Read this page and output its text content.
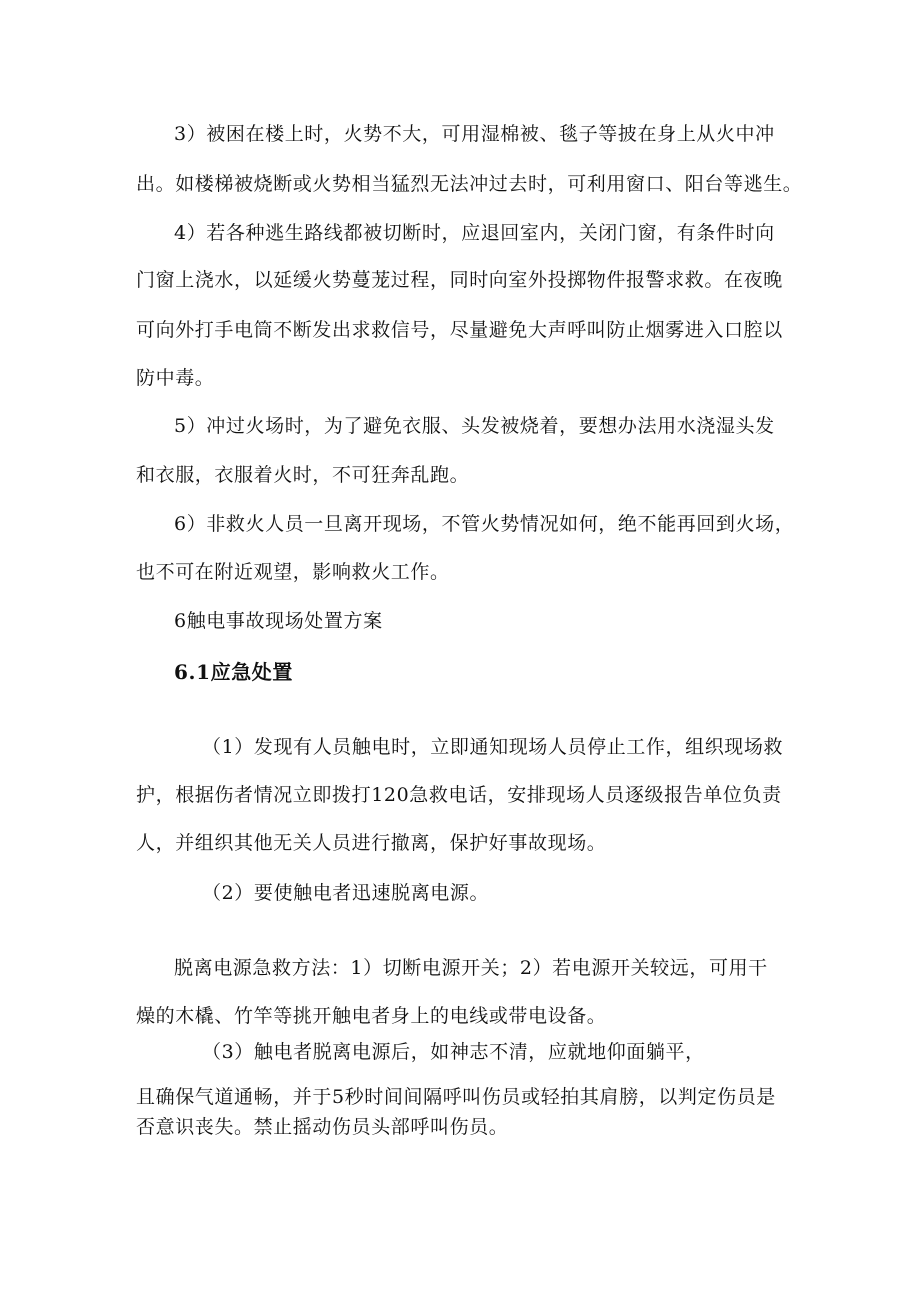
3）被困在楼上时，火势不大，可用湿棉被、毯子等披在身上从火中冲
出。如楼梯被烧断或火势相当猛烈无法冲过去时，可利用窗口、阳台等逃生。
4）若各种逃生路线都被切断时，应退回室内，关闭门窗，有条件时向
门窗上浇水，以延缓火势蔓茏过程，同时向室外投掷物件报警求救。在夜晚
可向外打手电筒不断发出求救信号，尽量避免大声呼叫防止烟雾进入口腔以
防中毒。
5）冲过火场时，为了避免衣服、头发被烧着，要想办法用水浇湿头发
和衣服，衣服着火时，不可狂奔乱跑。
6）非救火人员一旦离开现场，不管火势情况如何，绝不能再回到火场，
也不可在附近观望，影响救火工作。
6触电事故现场处置方案
6.1应急处置
（1）发现有人员触电时，立即通知现场人员停止工作，组织现场救
护，根据伤者情况立即拨打120急救电话，安排现场人员逐级报告单位负责
人，并组织其他无关人员进行撤离，保护好事故现场。
（2）要使触电者迅速脱离电源。
脱离电源急救方法：1）切断电源开关；2）若电源开关较远，可用干
燥的木橇、竹竿等挑开触电者身上的电线或带电设备。
（3）触电者脱离电源后，如神志不清，应就地仰面躺平，
且确保气道通畅，并于5秒时间间隔呼叫伤员或轻拍其肩膀，以判定伤员是
否意识丧失。禁止摇动伤员头部呼叫伤员。
